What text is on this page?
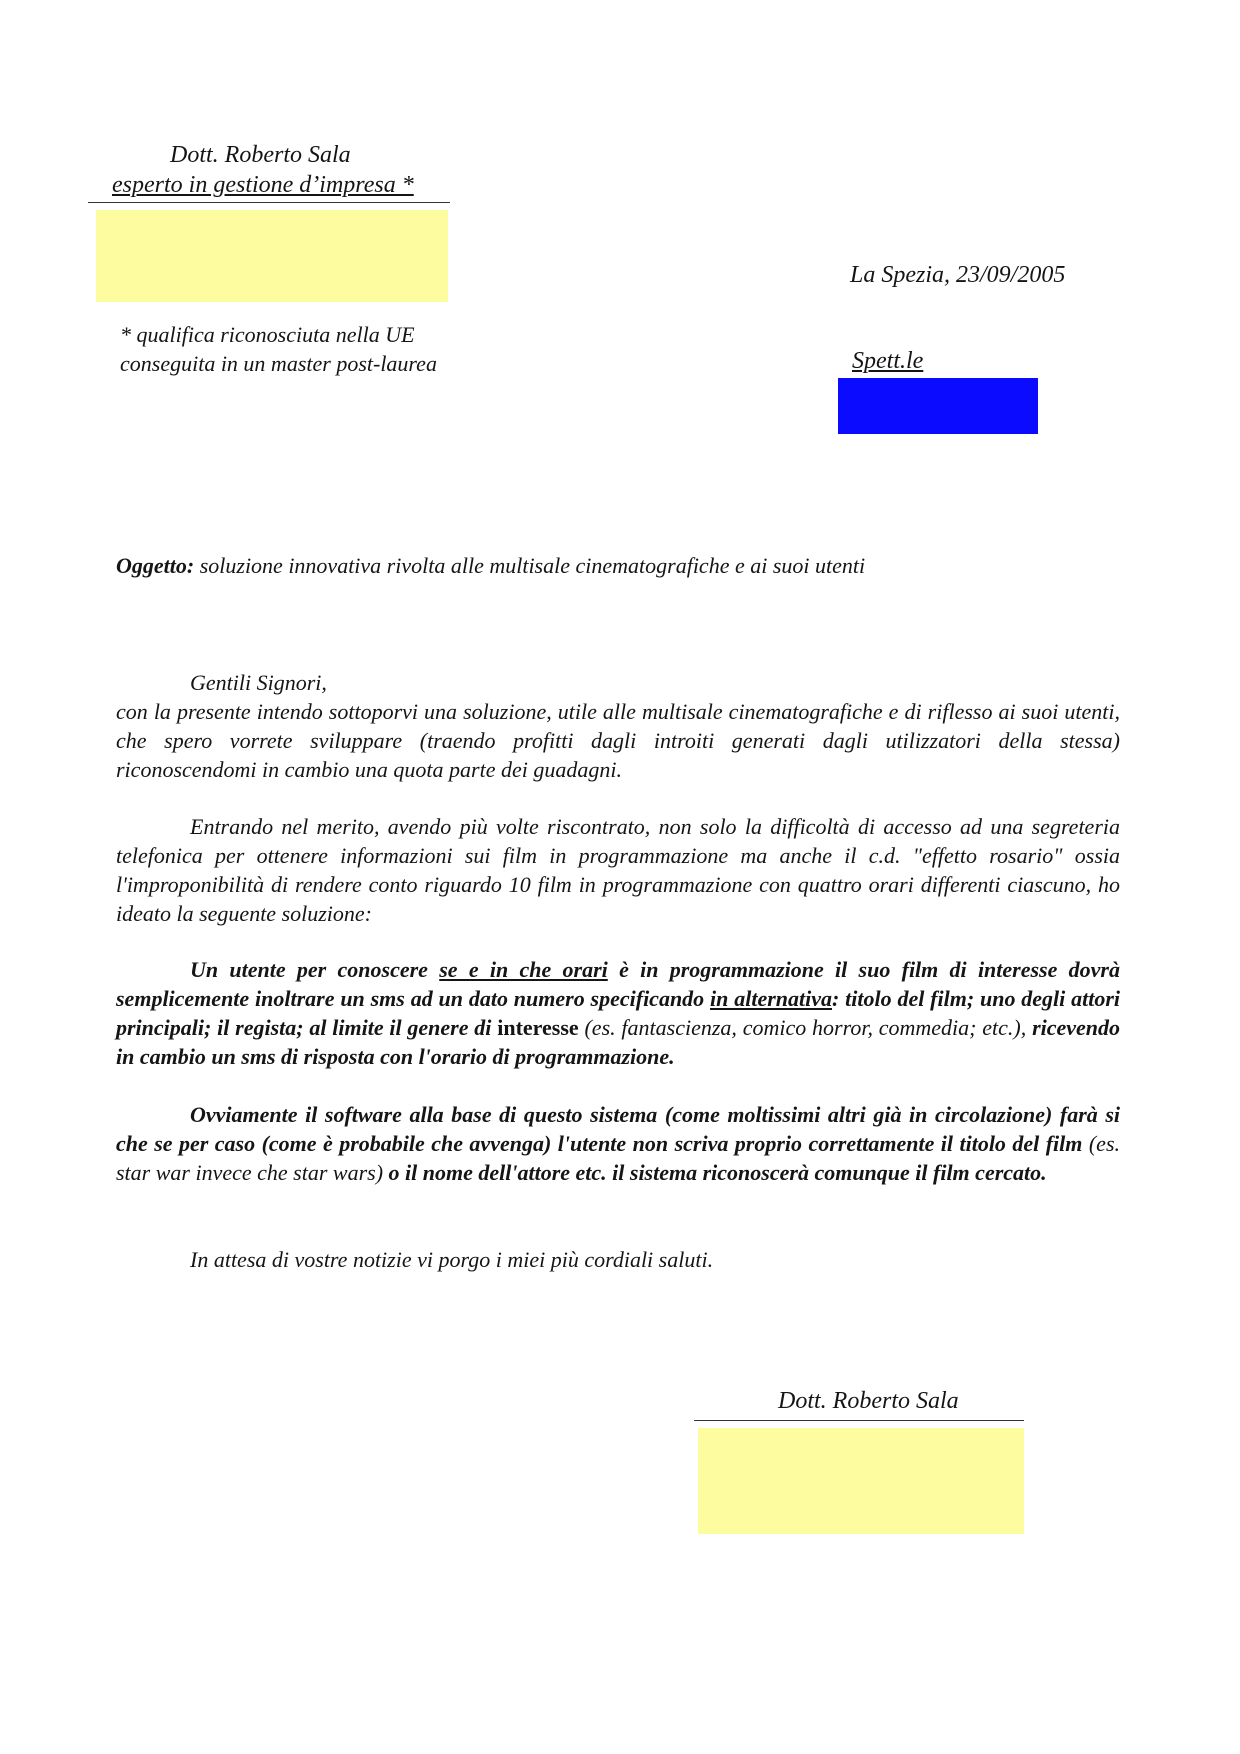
Dott. Roberto Sala
esperto in gestione d’impresa *
La Spezia, 23/09/2005
* qualifica riconosciuta nella UE
conseguita in un master post-laurea	Spett.le
Oggetto: soluzione innovativa rivolta alle multisale cinematografiche e ai suoi utenti
Gentili Signori,
con la presente intendo sottoporvi una soluzione, utile alle multisale cinematografiche e di riflesso ai suoi utenti, che spero vorrete sviluppare (traendo profitti dagli introiti generati dagli utilizzatori della stessa) riconoscendomi in cambio una quota parte dei guadagni.
Entrando nel merito, avendo più volte riscontrato, non solo la difficoltà di accesso ad una segreteria telefonica per ottenere informazioni sui film in programmazione ma anche il c.d. "effetto rosario" ossia l'improponibilità di rendere conto riguardo 10 film in programmazione con quattro orari differenti ciascuno, ho ideato la seguente soluzione:
Un utente per conoscere se e in che orari è in programmazione il suo film di interesse dovrà semplicemente inoltrare un sms ad un dato numero specificando in alternativa: titolo del film; uno degli attori principali; il regista; al limite il genere di interesse (es. fantascienza, comico horror, commedia; etc.), ricevendo in cambio un sms di risposta con l'orario di programmazione.
Ovviamente il software alla base di questo sistema (come moltissimi altri già in circolazione) farà si che se per caso (come è probabile che avvenga) l'utente non scriva proprio correttamente il titolo del film (es. star war invece che star wars) o il nome dell'attore etc. il sistema riconoscerà comunque il film cercato.
In attesa di vostre notizie vi porgo i miei più cordiali saluti.
Dott. Roberto Sala
